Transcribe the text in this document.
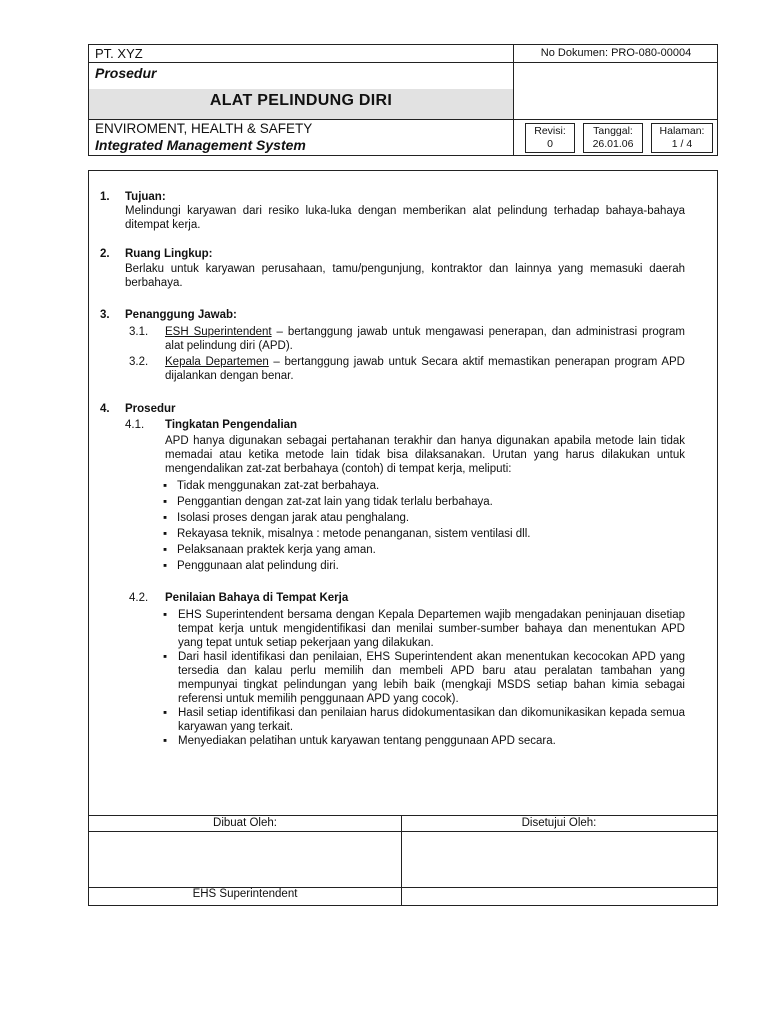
PT. XYZ
Prosedur
ALAT PELINDUNG DIRI
ENVIROMENT, HEALTH & SAFETY
Integrated Management System
No Dokumen: PRO-080-00004
Revisi:
0
Tanggal:
26.01.06
Halaman:
1 / 4
1. Tujuan:
Melindungi karyawan dari resiko luka-luka dengan memberikan alat pelindung terhadap bahaya-bahaya ditempat kerja.
2. Ruang Lingkup:
Berlaku untuk karyawan perusahaan, tamu/pengunjung, kontraktor dan lainnya yang memasuki daerah berbahaya.
3. Penanggung Jawab:
3.1. ESH Superintendent – bertanggung jawab untuk mengawasi penerapan, dan administrasi program alat pelindung diri (APD).
3.2. Kepala Departemen – bertanggung jawab untuk Secara aktif memastikan penerapan program APD dijalankan dengan benar.
4. Prosedur
4.1. Tingkatan Pengendalian
APD hanya digunakan sebagai pertahanan terakhir dan hanya digunakan apabila metode lain tidak memadai atau ketika metode lain tidak bisa dilaksanakan. Urutan yang harus dilakukan untuk mengendalikan zat-zat berbahaya (contoh) di tempat kerja, meliputi:
▪ Tidak menggunakan zat-zat berbahaya.
▪ Penggantian dengan zat-zat lain yang tidak terlalu berbahaya.
▪ Isolasi proses dengan jarak atau penghalang.
▪ Rekayasa teknik, misalnya : metode penanganan, sistem ventilasi dll.
▪ Pelaksanaan praktek kerja yang aman.
▪ Penggunaan alat pelindung diri.
4.2. Penilaian Bahaya di Tempat Kerja
▪ EHS Superintendent bersama dengan Kepala Departemen wajib mengadakan peninjauan disetiap tempat kerja untuk mengidentifikasi dan menilai sumber-sumber bahaya dan menentukan APD yang tepat untuk setiap pekerjaan yang dilakukan.
▪ Dari hasil identifikasi dan penilaian, EHS Superintendent akan menentukan kecocokan APD yang tersedia dan kalau perlu memilih dan membeli APD baru atau peralatan tambahan yang mempunyai tingkat pelindungan yang lebih baik (mengkaji MSDS setiap bahan kimia sebagai referensi untuk memilih penggunaan APD yang cocok).
▪ Hasil setiap identifikasi dan penilaian harus didokumentasikan dan dikomunikasikan kepada semua karyawan yang terkait.
▪ Menyediakan pelatihan untuk karyawan tentang penggunaan APD secara.
Dibuat Oleh:	Disetujui Oleh:
EHS Superintendent
